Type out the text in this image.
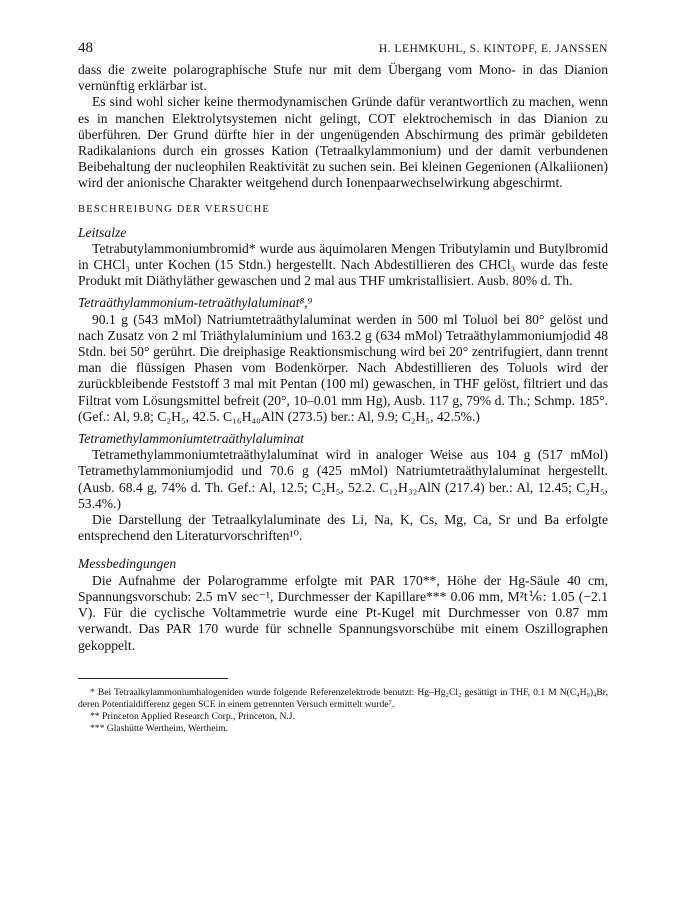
48	H. LEHMKUHL, S. KINTOPF, E. JANSSEN

dass die zweite polarographische Stufe nur mit dem Übergang vom Mono- in das Dianion vernünftig erklärbar ist.

Es sind wohl sicher keine thermodynamischen Gründe dafür verantwortlich zu machen, wenn es in manchen Elektrolytsystemen nicht gelingt, COT elektrochemisch in das Dianion zu überführen. Der Grund dürfte hier in der ungenügenden Abschirmung des primär gebildeten Radikalanions durch ein grosses Kation (Tetraalkylammonium) und der damit verbundenen Beibehaltung der nucleophilen Reaktivität zu suchen sein. Bei kleinen Gegenionen (Alkaliionen) wird der anionische Charakter weitgehend durch Ionenpaarwechselwirkung abgeschirmt.

BESCHREIBUNG DER VERSUCHE
Leitsalze

Tetrabutylammoniumbromid* wurde aus äquimolaren Mengen Tributylamin und Butylbromid in CHCl₃ unter Kochen (15 Stdn.) hergestellt. Nach Abdestillieren des CHCl₃ wurde das feste Produkt mit Diäthyläther gewaschen und 2 mal aus THF umkristallisiert. Ausb. 80% d. Th.

Tetraäthylammonium-tetraäthylaluminat⁸,⁹

90.1 g (543 mMol) Natriumtetraäthylaluminat werden in 500 ml Toluol bei 80° gelöst und nach Zusatz von 2 ml Triäthylaluminium und 163.2 g (634 mMol) Tetraäthylammoniumjodid 48 Stdn. bei 50° gerührt. Die dreiphasige Reaktionsmischung wird bei 20° zentrifugiert, dann trennt man die flüssigen Phasen vom Bodenkörper. Nach Abdestillieren des Toluols wird der zurückbleibende Feststoff 3 mal mit Pentan (100 ml) gewaschen, in THF gelöst, filtriert und das Filtrat vom Lösungsmittel befreit (20°, 10–0.01 mm Hg), Ausb. 117 g, 79% d. Th.; Schmp. 185°. (Gef.: Al, 9.8; C₂H₅, 42.5. C₁₆H₄₀AlN (273.5) ber.: Al, 9.9; C₂H₅, 42.5%.)

Tetramethylammoniumtetraäthylaluminat

Tetramethylammoniumtetraäthylaluminat wird in analoger Weise aus 104 g (517 mMol) Tetramethylammoniumjodid und 70.6 g (425 mMol) Natriumtetraäthylaluminat hergestellt. (Ausb. 68.4 g, 74% d. Th. Gef.: Al, 12.5; C₂H₅, 52.2. C₁₂H₃₂AlN (217.4) ber.: Al, 12.45; C₂H₅, 53.4%.)

Die Darstellung der Tetraalkylaluminate des Li, Na, K, Cs, Mg, Ca, Sr und Ba erfolgte entsprechend den Literaturvorschriften¹⁰.

Messbedingungen

Die Aufnahme der Polarogramme erfolgte mit PAR 170**, Höhe der Hg-Säule 40 cm, Spannungsvorschub: 2.5 mV sec⁻¹, Durchmesser der Kapillare*** 0.06 mm, M²t⅙: 1.05 (−2.1 V). Für die cyclische Voltammetrie wurde eine Pt-Kugel mit Durchmesser von 0.87 mm verwandt. Das PAR 170 wurde für schnelle Spannungsvorschübe mit einem Oszillographen gekoppelt.

* Bei Tetraalkylammoniumhalogeniden wurde folgende Referenzelektrode benutzt: Hg–Hg₂Cl₂ gesättigt in THF, 0.1 M N(C₄H₉)₄Br, deren Potentialdifferenz gegen SCE in einem getrennten Versuch ermittelt wurde⁷.
** Princeton Applied Research Corp., Princeton, N.J.
*** Glashütte Wertheim, Wertheim.
